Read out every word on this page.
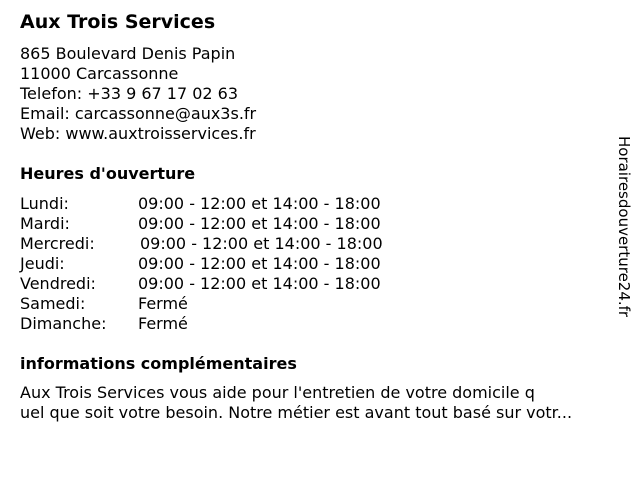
Aux Trois Services
865 Boulevard Denis Papin
11000 Carcassonne
Telefon: +33 9 67 17 02 63
Email: carcassonne@aux3s.fr
Web: www.auxtroisservices.fr
Heures d'ouverture
Lundi:	09:00 - 12:00 et 14:00 - 18:00
Mardi:	09:00 - 12:00 et 14:00 - 18:00
Mercredi:	09:00 - 12:00 et 14:00 - 18:00
Jeudi:	09:00 - 12:00 et 14:00 - 18:00
Vendredi:	09:00 - 12:00 et 14:00 - 18:00
Samedi:	Fermé
Dimanche: Fermé
informations complémentaires
Aux Trois Services vous aide pour l'entretien de votre domicile q
uel que soit votre besoin. Notre métier est avant tout basé sur votr...
Horairesdouverture24.fr
